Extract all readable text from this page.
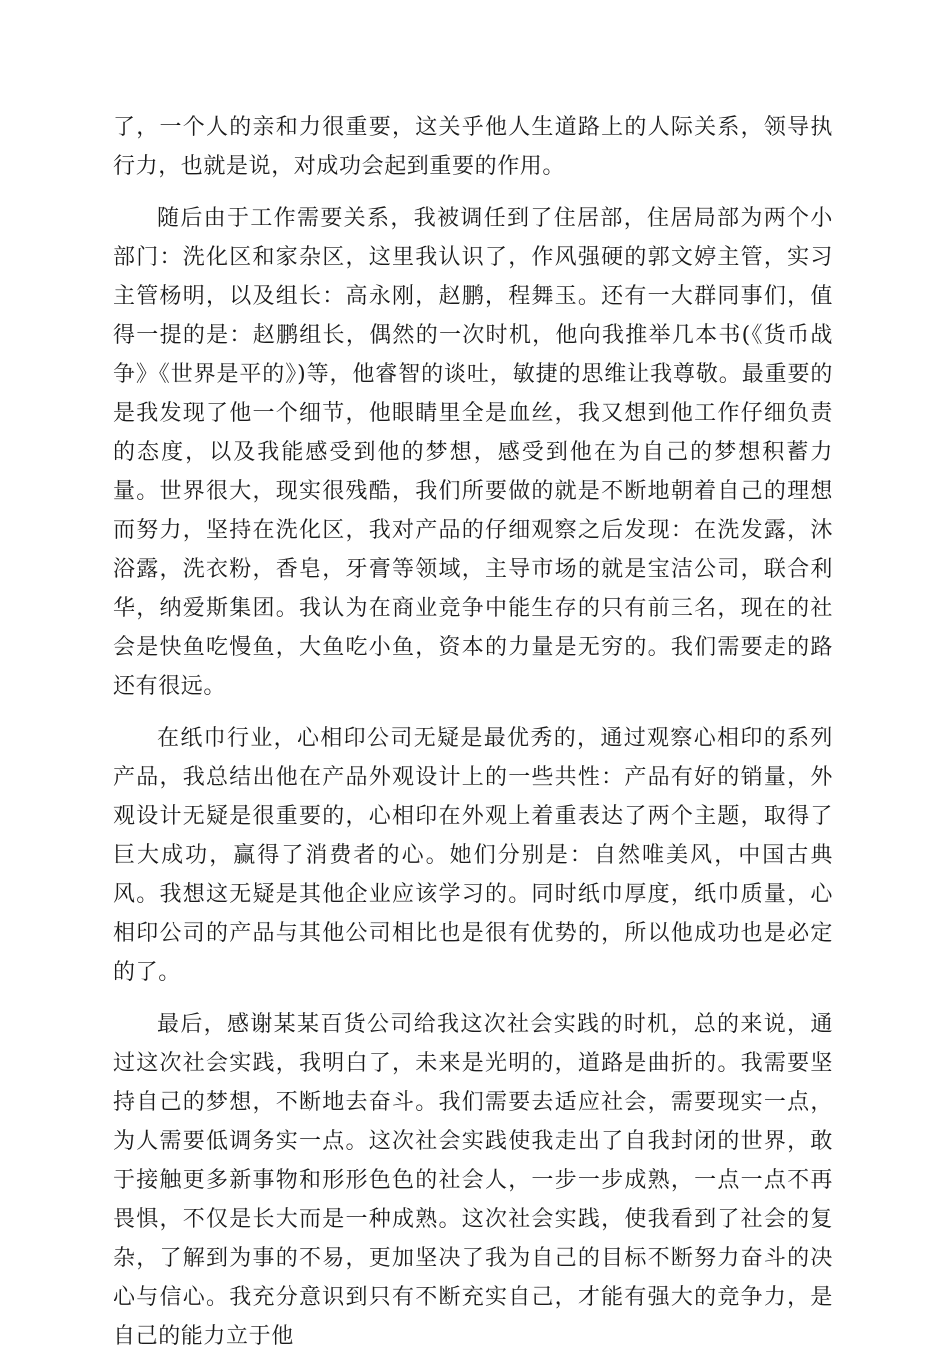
了，一个人的亲和力很重要，这关乎他人生道路上的人际关系，领导执行力，也就是说，对成功会起到重要的作用。

随后由于工作需要关系，我被调任到了住居部，住居局部为两个小部门：洗化区和家杂区，这里我认识了，作风强硬的郭文婷主管，实习主管杨明，以及组长：高永刚，赵鹏，程舞玉。还有一大群同事们，值得一提的是：赵鹏组长，偶然的一次时机，他向我推举几本书(《货币战争》《世界是平的》)等，他睿智的谈吐，敏捷的思维让我尊敬。最重要的是我发现了他一个细节，他眼睛里全是血丝，我又想到他工作仔细负责的态度，以及我能感受到他的梦想，感受到他在为自己的梦想积蓄力量。世界很大，现实很残酷，我们所要做的就是不断地朝着自己的理想而努力，坚持在洗化区，我对产品的仔细观察之后发现：在洗发露，沐浴露，洗衣粉，香皂，牙膏等领域，主导市场的就是宝洁公司，联合利华，纳爱斯集团。我认为在商业竞争中能生存的只有前三名，现在的社会是快鱼吃慢鱼，大鱼吃小鱼，资本的力量是无穷的。我们需要走的路还有很远。

在纸巾行业，心相印公司无疑是最优秀的，通过观察心相印的系列产品，我总结出他在产品外观设计上的一些共性：产品有好的销量，外观设计无疑是很重要的，心相印在外观上着重表达了两个主题，取得了巨大成功，赢得了消费者的心。她们分别是：自然唯美风，中国古典风。我想这无疑是其他企业应该学习的。同时纸巾厚度，纸巾质量，心相印公司的产品与其他公司相比也是很有优势的，所以他成功也是必定的了。

最后，感谢某某百货公司给我这次社会实践的时机，总的来说，通过这次社会实践，我明白了，未来是光明的，道路是曲折的。我需要坚持自己的梦想，不断地去奋斗。我们需要去适应社会，需要现实一点，为人需要低调务实一点。这次社会实践使我走出了自我封闭的世界，敢于接触更多新事物和形形色色的社会人，一步一步成熟，一点一点不再畏惧，不仅是长大而是一种成熟。这次社会实践，使我看到了社会的复杂，了解到为事的不易，更加坚决了我为自己的目标不断努力奋斗的决心与信心。我充分意识到只有不断充实自己，才能有强大的竞争力，是自己的能力立于他
